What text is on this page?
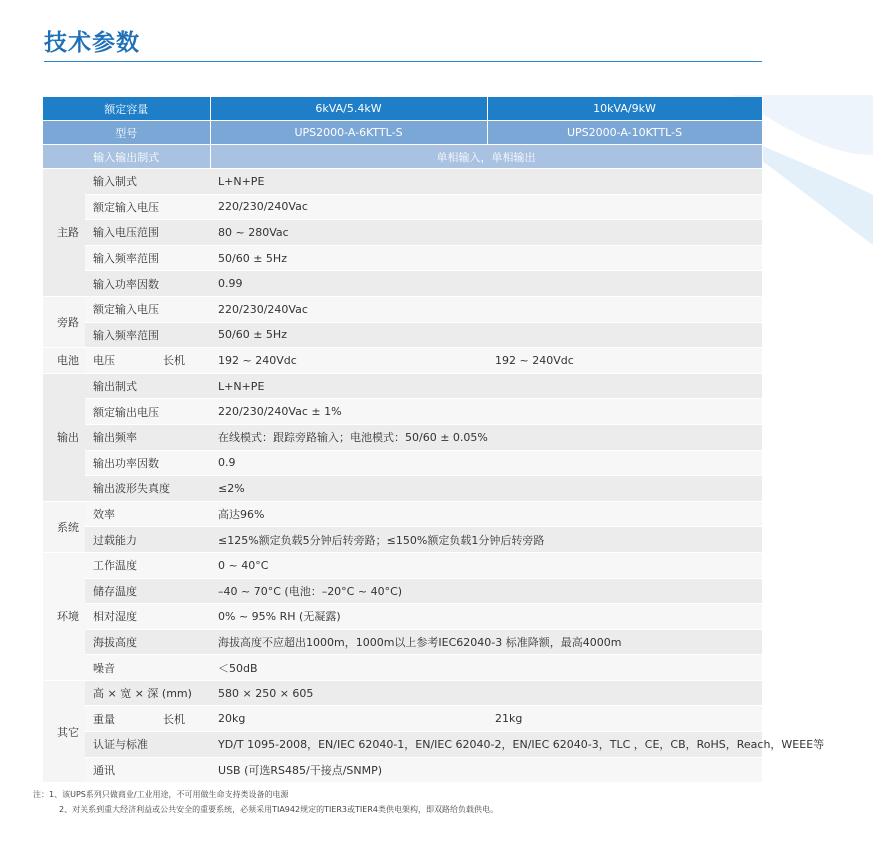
技术参数
额定容量			6kVA/5.4kW	10kVA/9kW
型号			UPS2000-A-6KTTL-S	UPS2000-A-10KTTL-S
输入输出制式			单相输入，单相输出	
主路	输入制式		L+N+PE	
	额定输入电压		220/230/240Vac	
	输入电压范围		80 ~ 280Vac	
	输入频率范围		50/60 ± 5Hz	
	输入功率因数		0.99	
旁路	额定输入电压		220/230/240Vac	
	输入频率范围		50/60 ± 5Hz	
电池	电压	长机	192 ~ 240Vdc	192 ~ 240Vdc
输出	输出制式		L+N+PE	
	额定输出电压		220/230/240Vac ± 1%	
	输出频率		在线模式：跟踪旁路输入；电池模式：50/60 ± 0.05%	
	输出功率因数		0.9	
	输出波形失真度		≤2%	
系统	效率		高达96%	
	过载能力		≤125%额定负载5分钟后转旁路；≤150%额定负载1分钟后转旁路	
环境	工作温度		0 ~ 40°C	
	储存温度		–40 ~ 70°C (电池：–20°C ~ 40°C)	
	相对湿度		0% ~ 95% RH (无凝露)	
	海拔高度		海拔高度不应超出1000m，1000m以上参考IEC62040-3 标准降额，最高4000m	
	噪音		＜50dB	
其它	高 × 宽 × 深 (mm)		580 × 250 × 605	
	重量	长机	20kg	21kg
	认证与标准		YD/T 1095-2008，EN/IEC 62040-1，EN/IEC 62040-2，EN/IEC 62040-3，TLC ，CE，CB，RoHS，Reach，WEEE等	
	通讯		USB (可选RS485/干接点/SNMP)	
注：1、该UPS系列只做商业/工业用途，不可用做生命支持类设备的电源
2、对关系到重大经济利益或公共安全的重要系统，必须采用TIA942规定的TIER3或TIER4类供电架构，即双路给负载供电。
